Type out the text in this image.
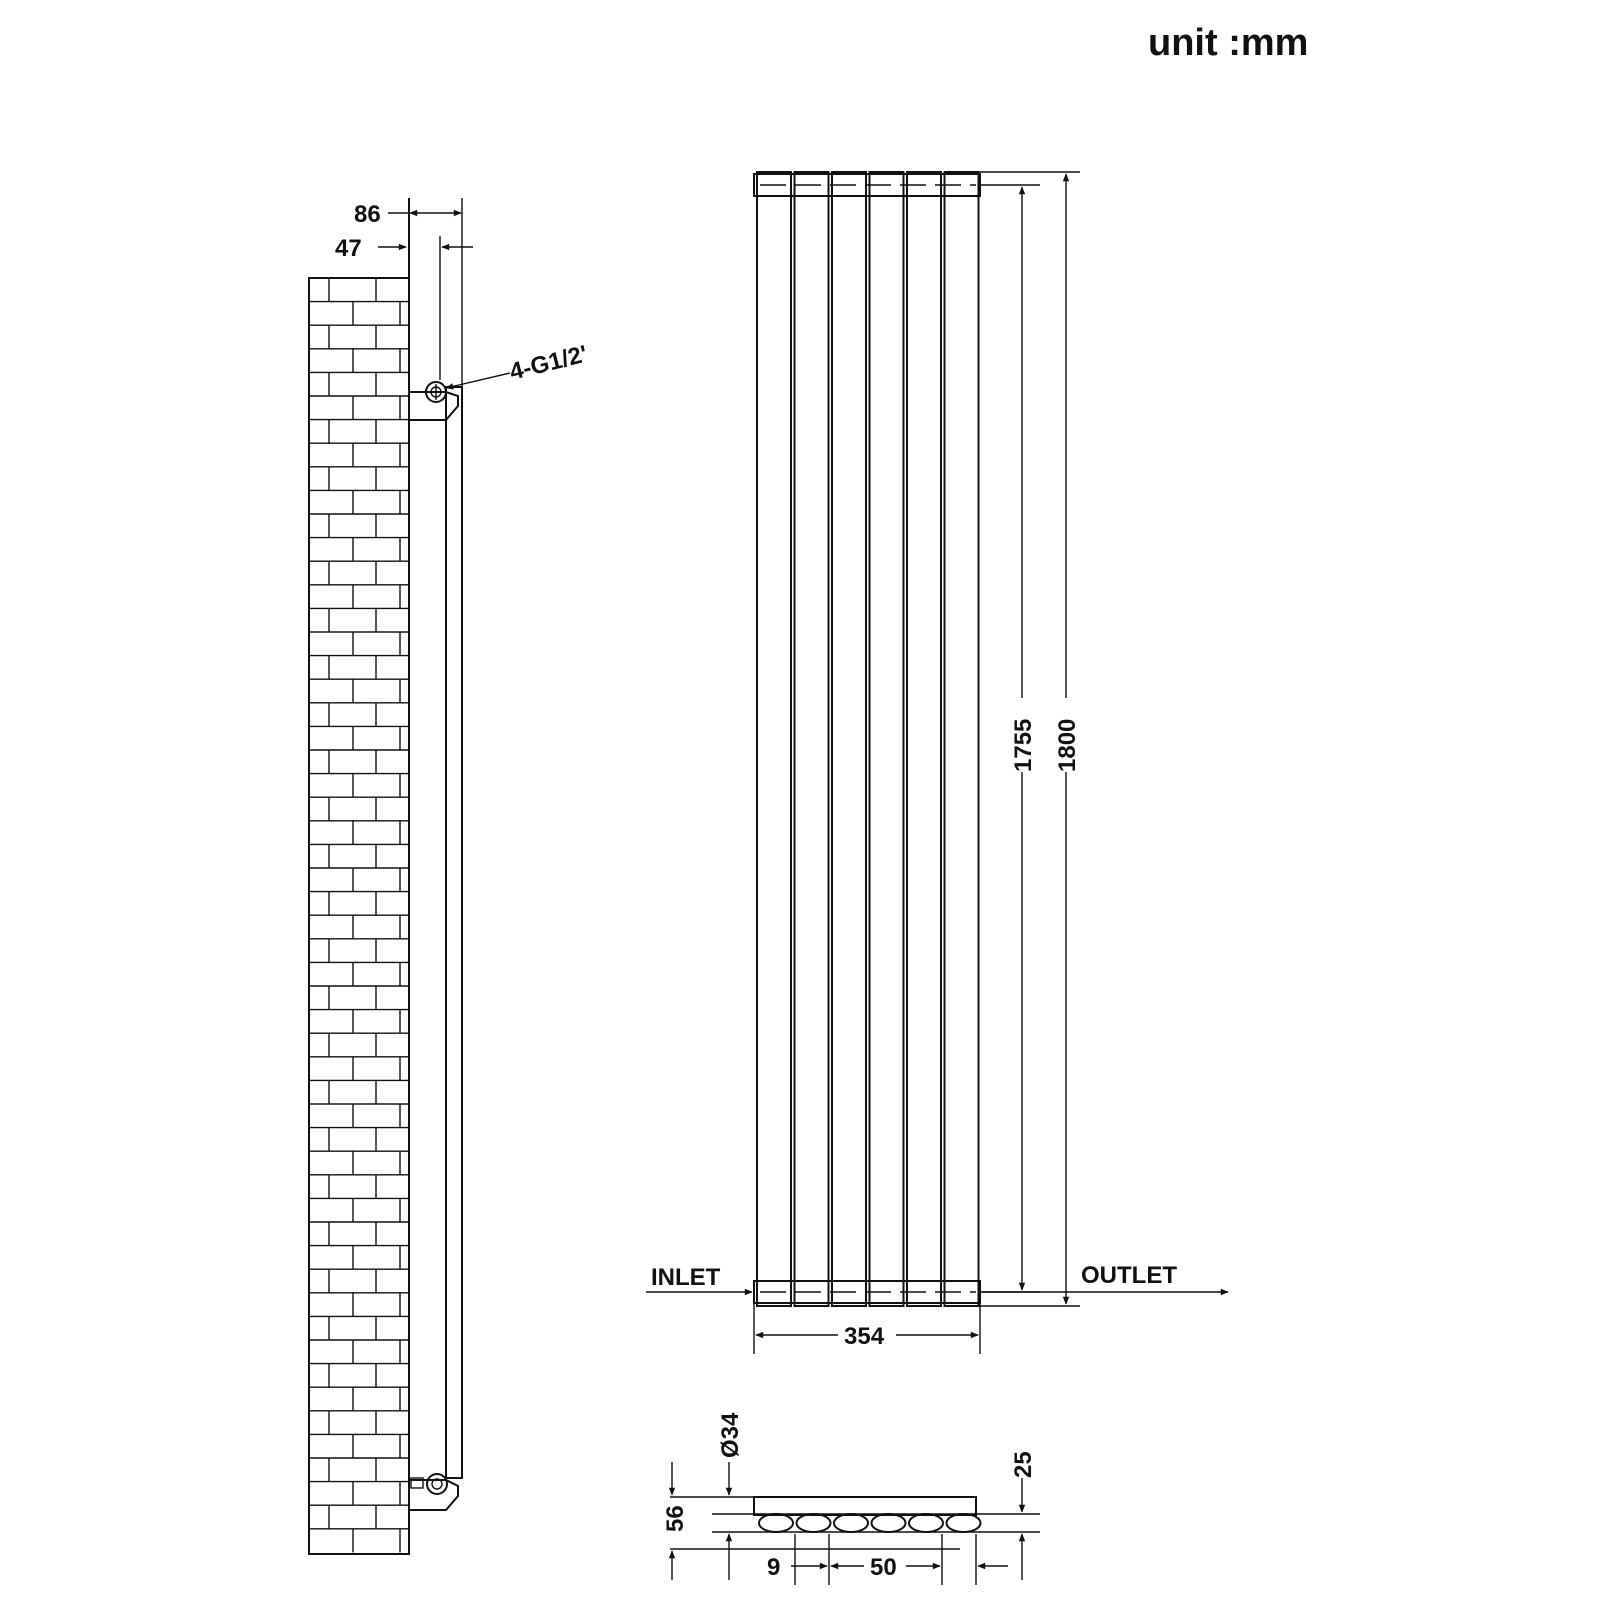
unit :mm
86
47
4-G1/2'
1755 1800
INLET	OUTLET
354
Ø34
56
25
9	50
